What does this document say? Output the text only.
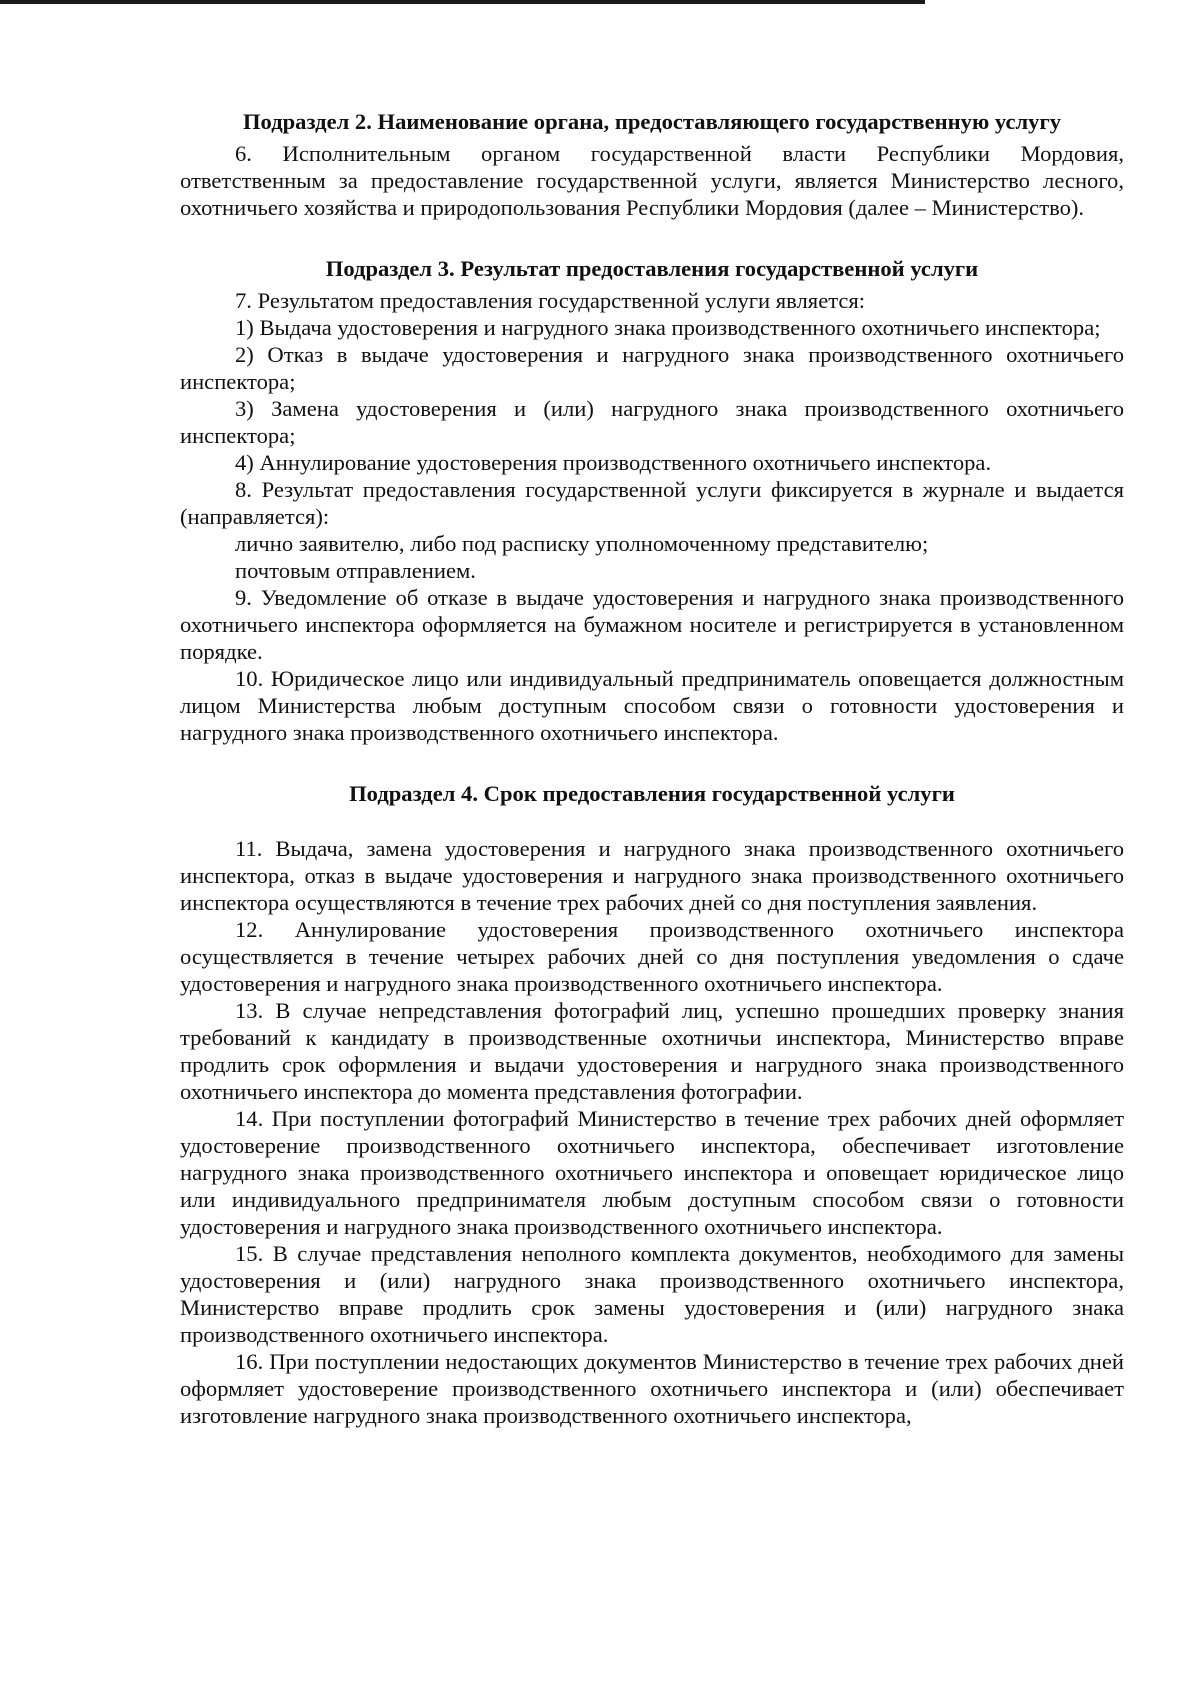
Подраздел 2. Наименование органа, предоставляющего государственную услугу

6. Исполнительным органом государственной власти Республики Мордовия, ответственным за предоставление государственной услуги, является Министерство лесного, охотничьего хозяйства и природопользования Республики Мордовия (далее – Министерство).

Подраздел 3. Результат предоставления государственной услуги

7. Результатом предоставления государственной услуги является:

1) Выдача удостоверения и нагрудного знака производственного охотничьего инспектора;

2) Отказ в выдаче удостоверения и нагрудного знака производственного охотничьего инспектора;

3) Замена удостоверения и (или) нагрудного знака производственного охотничьего инспектора;

4) Аннулирование удостоверения производственного охотничьего инспектора.

8. Результат предоставления государственной услуги фиксируется в журнале и выдается (направляется):

лично заявителю, либо под расписку уполномоченному представителю;

почтовым отправлением.

9. Уведомление об отказе в выдаче удостоверения и нагрудного знака производственного охотничьего инспектора оформляется на бумажном носителе и регистрируется в установленном порядке.

10. Юридическое лицо или индивидуальный предприниматель оповещается должностным лицом Министерства любым доступным способом связи о готовности удостоверения и нагрудного знака производственного охотничьего инспектора.

Подраздел 4. Срок предоставления государственной услуги

11. Выдача, замена удостоверения и нагрудного знака производственного охотничьего инспектора, отказ в выдаче удостоверения и нагрудного знака производственного охотничьего инспектора осуществляются в течение трех рабочих дней со дня поступления заявления.

12. Аннулирование удостоверения производственного охотничьего инспектора осуществляется в течение четырех рабочих дней со дня поступления уведомления о сдаче удостоверения и нагрудного знака производственного охотничьего инспектора.

13. В случае непредставления фотографий лиц, успешно прошедших проверку знания требований к кандидату в производственные охотничьи инспектора, Министерство вправе продлить срок оформления и выдачи удостоверения и нагрудного знака производственного охотничьего инспектора до момента представления фотографии.

14. При поступлении фотографий Министерство в течение трех рабочих дней оформляет удостоверение производственного охотничьего инспектора, обеспечивает изготовление нагрудного знака производственного охотничьего инспектора и оповещает юридическое лицо или индивидуального предпринимателя любым доступным способом связи о готовности удостоверения и нагрудного знака производственного охотничьего инспектора.

15. В случае представления неполного комплекта документов, необходимого для замены удостоверения и (или) нагрудного знака производственного охотничьего инспектора, Министерство вправе продлить срок замены удостоверения и (или) нагрудного знака производственного охотничьего инспектора.

16. При поступлении недостающих документов Министерство в течение трех рабочих дней оформляет удостоверение производственного охотничьего инспектора и (или) обеспечивает изготовление нагрудного знака производственного охотничьего инспектора,
